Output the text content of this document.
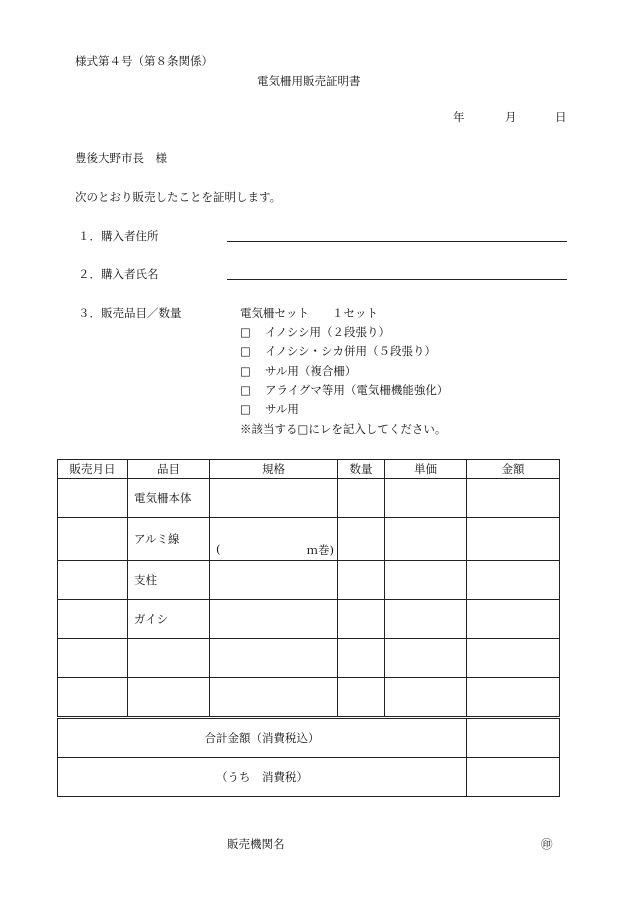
様式第４号（第８条関係）
電気柵用販売証明書
年	月	日
豊後大野市長　様
次のとおり販売したことを証明します。
１．購入者住所
２．購入者氏名
３．販売品目／数量	電気柵セット　　１セット
□ イノシシ用（２段張り）
□ イノシシ・シカ併用（５段張り）
□ サル用（複合柵）
□ アライグマ等用（電気柵機能強化）
□ サル用
※該当する□にレを記入してください。
販売月日	品目	規格	数量	単価	金額
	電気柵本体				
	アルミ線	( ｍ巻)			

	支柱				
	ガイシ				

合計金額（消費税込）					
（うち　消費税）					
販売機関名	㊞
